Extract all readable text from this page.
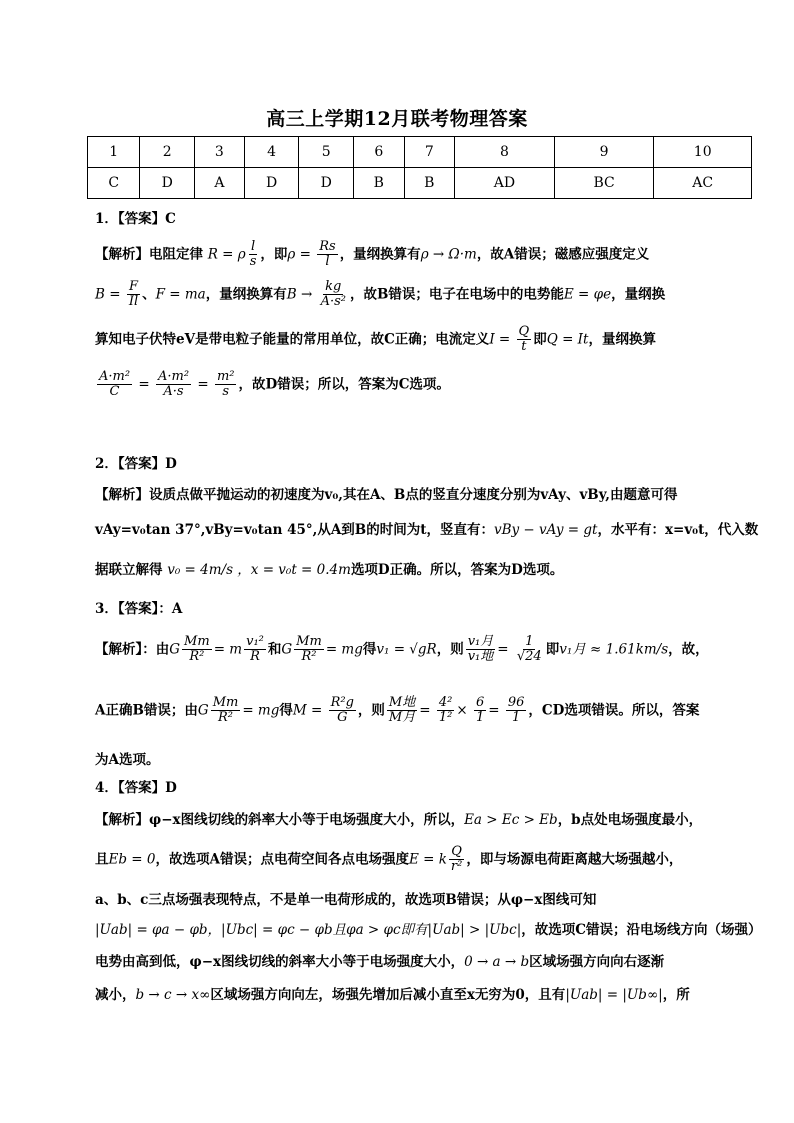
高三上学期12月联考物理答案
1	2	3	4	5	6	7	8	9	10
C	D	A	D	D	B	B	AD	BC	AC
1．【答案】C
【解析】电阻定律 R = ρ $\frac{l}{s}$ ，即$\rho = \frac{Rs}{l}$ ，量纲换算有ρ → Ω·m，故A错误；磁感应强度定义
$B = \frac{F}{Il}$ 、F = ma，量纲换算有$B \to \frac{kg}{\text{A·s²}}$ ，故B错误；电子在电场中的电势能E = φe，量纲换
算知电子伏特eV是带电粒子能量的常用单位，故C正确；电流定义$I = \frac{Q}{t}$ 即Q = It，量纲换算
$\frac{\text{A·m²}}{C} = \frac{\text{A·m²}}{A\cdot s} = \frac{\text{m²}}{s}$ ，故D错误；所以，答案为C选项。
2．【答案】D
【解析】设质点做平抛运动的初速度为v₀,其在A、B点的竖直分速度分别为vAy、vBy,由题意可得
vAy=v₀tan 37°,vBy=v₀tan 45°,从A到B的时间为t，竖直有：vBy − vAy = gt，水平有：x=v₀t，代入数
据联立解得 v₀ = 4m/s ，x = v₀t = 0.4m选项D正确。所以，答案为D选项。
3．【答案】：A
【解析】：由G $\frac{Mm}{\text{R²}} = m \frac{\text{v₁²}}{R}$ 和G $\frac{Mm}{\text{R²}}$ = mg得v₁ = √gR，则 $\frac{\text{v₁月}}{\text{v₁地}} = \frac{1}{√24}$ 即v₁月 ≈ 1.61km/s，故，
A正确B错误；由G $\frac{Mm}{\text{R²}}$ = mg得$M = \frac{\text{R²g}}{G}$ ，则 $\frac{\text{M地}}{\text{M月}} = \frac{\text{4²}}{\text{1²}} \times \frac{6}{1} = \frac{96}{1}$ ，CD选项错误。所以，答案
为A选项。
4．【答案】D
【解析】φ−x图线切线的斜率大小等于电场强度大小，所以，Ea > Ec > Eb，b点处电场强度最小，
且Eb = 0，故选项A错误；点电荷空间各点电场强度E = k $\frac{Q}{\text{r²}}$ ，即与场源电荷距离越大场强越小，
a、b、c三点场强表现特点，不是单一电荷形成的，故选项B错误；从φ−x图线可知
|Uab| = φa − φb，|Ubc| = φc − φb且φa > φc即有|Uab| > |Ubc|，故选项C错误；沿电场线方向（场强）
电势由高到低，φ−x图线切线的斜率大小等于电场强度大小，0 → a → b区域场强方向向右逐渐
减小，b → c → x∞区域场强方向向左，场强先增加后减小直至x无穷为0，且有|Uab| = |Ub∞|，所
